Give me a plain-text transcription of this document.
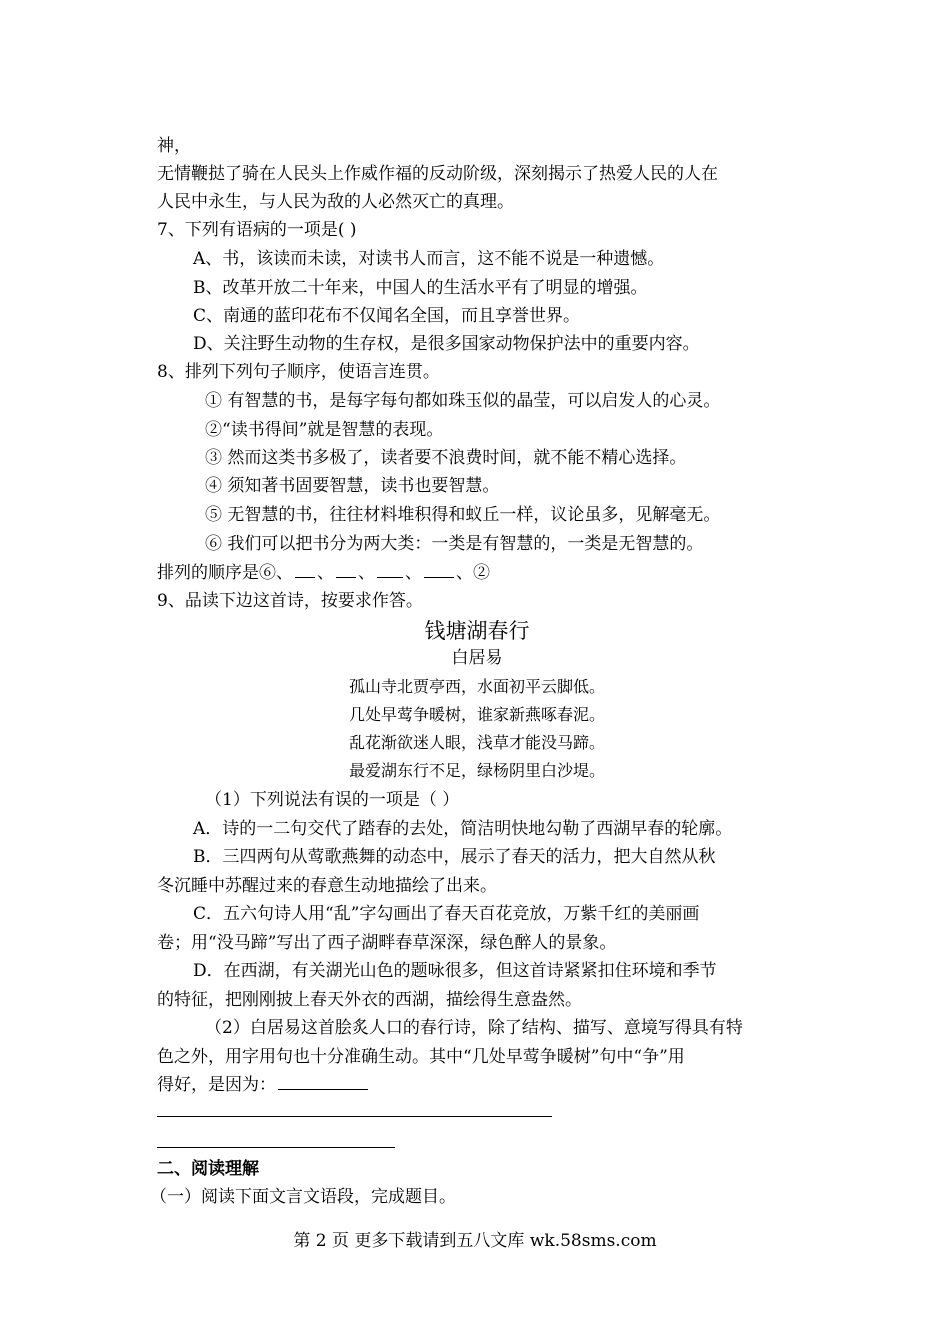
神，
无情鞭挞了骑在人民头上作威作福的反动阶级，深刻揭示了热爱人民的人在
人民中永生，与人民为敌的人必然灭亡的真理。
7、下列有语病的一项是( )
A、书，该读而未读，对读书人而言，这不能不说是一种遗憾。
B、改革开放二十年来，中国人的生活水平有了明显的增强。
C、南通的蓝印花布不仅闻名全国，而且享誉世界。
D、关注野生动物的生存权，是很多国家动物保护法中的重要内容。
8、排列下列句子顺序，使语言连贯。
① 有智慧的书，是每字每句都如珠玉似的晶莹，可以启发人的心灵。
②“读书得间”就是智慧的表现。
③ 然而这类书多极了，读者要不浪费时间，就不能不精心选择。
④ 须知著书固要智慧，读书也要智慧。
⑤ 无智慧的书，往往材料堆积得和蚁丘一样，议论虽多，见解毫无。
⑥ 我们可以把书分为两大类：一类是有智慧的，一类是无智慧的。
排列的顺序是⑥、 、 、 、 、②
9、品读下边这首诗，按要求作答。
钱塘湖春行
白居易
孤山寺北贾亭西，水面初平云脚低。
几处早莺争暖树，谁家新燕啄春泥。
乱花渐欲迷人眼，浅草才能没马蹄。
最爱湖东行不足，绿杨阴里白沙堤。
（1）下列说法有误的一项是（ ）
A．诗的一二句交代了踏春的去处，简洁明快地勾勒了西湖早春的轮廓。
B．三四两句从莺歌燕舞的动态中，展示了春天的活力，把大自然从秋
冬沉睡中苏醒过来的春意生动地描绘了出来。
C．五六句诗人用“乱”字勾画出了春天百花竞放，万紫千红的美丽画
卷；用“没马蹄”写出了西子湖畔春草深深，绿色醉人的景象。
D．在西湖，有关湖光山色的题咏很多，但这首诗紧紧扣住环境和季节
的特征，把刚刚披上春天外衣的西湖，描绘得生意盎然。
（2）白居易这首脍炙人口的春行诗，除了结构、描写、意境写得具有特
色之外，用字用句也十分准确生动。其中“几处早莺争暖树”句中“争”用
得好，是因为：
二、阅读理解
（一）阅读下面文言文语段，完成题目。
第 2 页 更多下载请到五八文库 wk.58sms.com
